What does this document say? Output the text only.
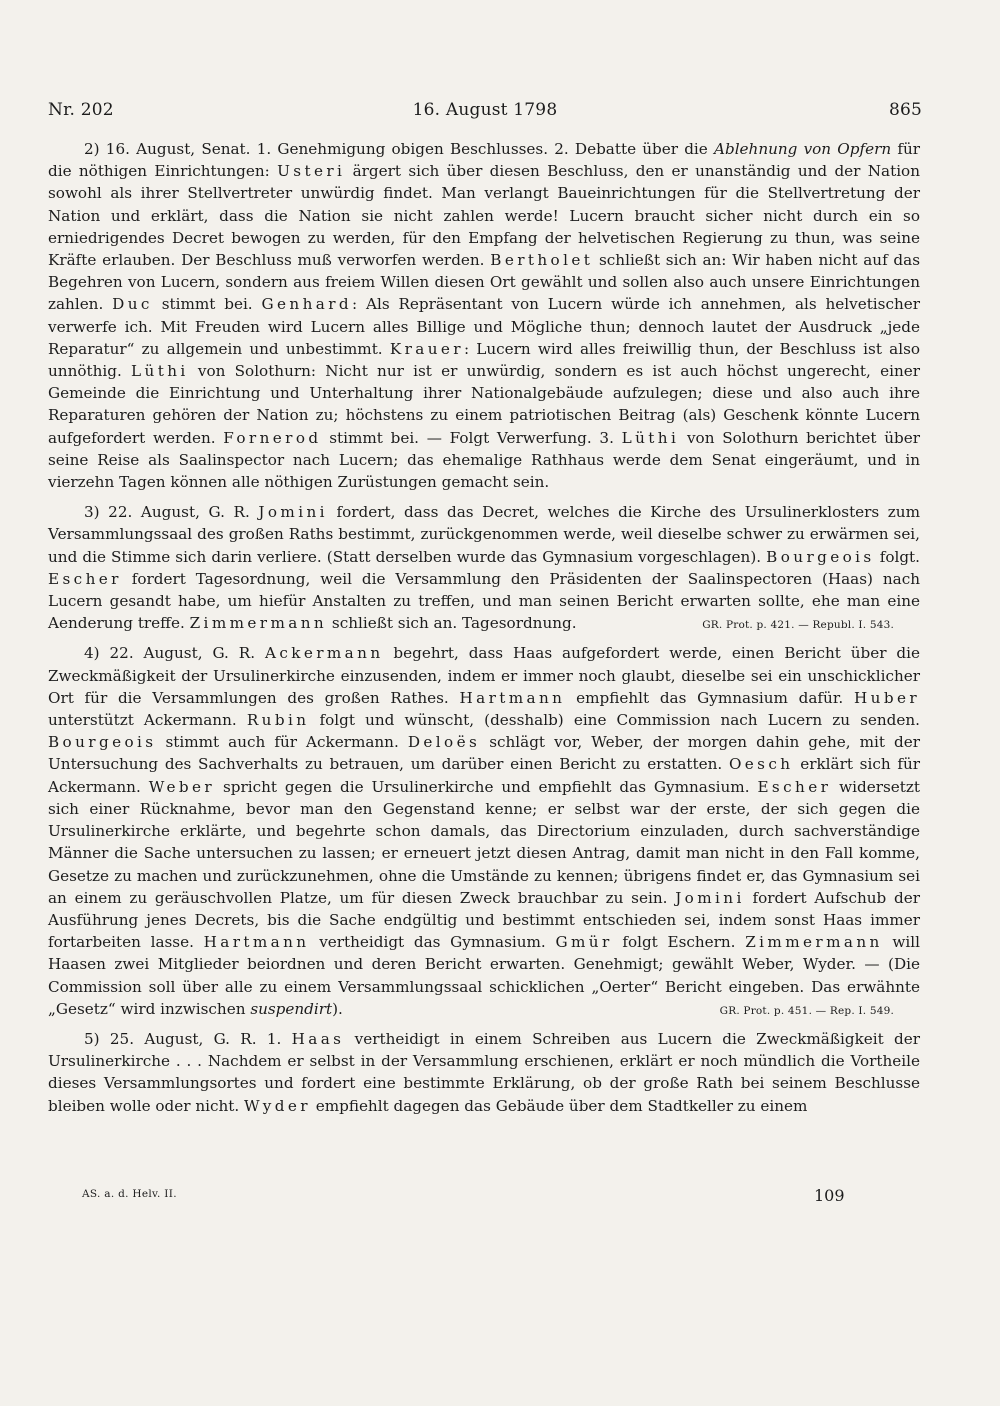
Nr. 202	16. August 1798	865

2) 16. August, Senat. 1. Genehmigung obigen Beschlusses. 2. Debatte über die Ablehnung von Opfern für die nöthigen Einrichtungen: Usteri ärgert sich über diesen Beschluss, den er unanständig und der Nation sowohl als ihrer Stellvertreter unwürdig findet. Man verlangt Baueinrichtungen für die Stellvertretung der Nation und erklärt, dass die Nation sie nicht zahlen werde! Lucern braucht sicher nicht durch ein so erniedrigendes Decret bewogen zu werden, für den Empfang der helvetischen Regierung zu thun, was seine Kräfte erlauben. Der Beschluss muß verworfen werden. Bertholet schließt sich an: Wir haben nicht auf das Begehren von Lucern, sondern aus freiem Willen diesen Ort gewählt und sollen also auch unsere Einrichtungen zahlen. Duc stimmt bei. Genhard: Als Repräsentant von Lucern würde ich annehmen, als helvetischer verwerfe ich. Mit Freuden wird Lucern alles Billige und Mögliche thun; dennoch lautet der Ausdruck „jede Reparatur“ zu allgemein und unbestimmt. Krauer: Lucern wird alles freiwillig thun, der Beschluss ist also unnöthig. Lüthi von Solothurn: Nicht nur ist er unwürdig, sondern es ist auch höchst ungerecht, einer Gemeinde die Einrichtung und Unterhaltung ihrer Nationalgebäude aufzulegen; diese und also auch ihre Reparaturen gehören der Nation zu; höchstens zu einem patriotischen Beitrag (als) Geschenk könnte Lucern aufgefordert werden. Fornerod stimmt bei. — Folgt Verwerfung. 3. Lüthi von Solothurn berichtet über seine Reise als Saalinspector nach Lucern; das ehemalige Rathhaus werde dem Senat eingeräumt, und in vierzehn Tagen können alle nöthigen Zurüstungen gemacht sein.

3) 22. August, G. R. Jomini fordert, dass das Decret, welches die Kirche des Ursulinerklosters zum Versammlungssaal des großen Raths bestimmt, zurückgenommen werde, weil dieselbe schwer zu erwärmen sei, und die Stimme sich darin verliere. (Statt derselben wurde das Gymnasium vorgeschlagen). Bourgeois folgt. Escher fordert Tagesordnung, weil die Versammlung den Präsidenten der Saalinspectoren (Haas) nach Lucern gesandt habe, um hiefür Anstalten zu treffen, und man seinen Bericht erwarten sollte, ehe man eine Aenderung treffe. Zimmermann schließt sich an. Tagesordnung.	GR. Prot. p. 421. — Republ. I. 543.

4) 22. August, G. R. Ackermann begehrt, dass Haas aufgefordert werde, einen Bericht über die Zweckmäßigkeit der Ursulinerkirche einzusenden, indem er immer noch glaubt, dieselbe sei ein unschicklicher Ort für die Versammlungen des großen Rathes. Hartmann empfiehlt das Gymnasium dafür. Huber unterstützt Ackermann. Rubin folgt und wünscht, (desshalb) eine Commission nach Lucern zu senden. Bourgeois stimmt auch für Ackermann. Deloës schlägt vor, Weber, der morgen dahin gehe, mit der Untersuchung des Sachverhalts zu betrauen, um darüber einen Bericht zu erstatten. Oesch erklärt sich für Ackermann. Weber spricht gegen die Ursulinerkirche und empfiehlt das Gymnasium. Escher widersetzt sich einer Rücknahme, bevor man den Gegenstand kenne; er selbst war der erste, der sich gegen die Ursulinerkirche erklärte, und begehrte schon damals, das Directorium einzuladen, durch sachverständige Männer die Sache untersuchen zu lassen; er erneuert jetzt diesen Antrag, damit man nicht in den Fall komme, Gesetze zu machen und zurückzunehmen, ohne die Umstände zu kennen; übrigens findet er, das Gymnasium sei an einem zu geräuschvollen Platze, um für diesen Zweck brauchbar zu sein. Jomini fordert Aufschub der Ausführung jenes Decrets, bis die Sache endgültig und bestimmt entschieden sei, indem sonst Haas immer fortarbeiten lasse. Hartmann vertheidigt das Gymnasium. Gmür folgt Eschern. Zimmermann will Haasen zwei Mitglieder beiordnen und deren Bericht erwarten. Genehmigt; gewählt Weber, Wyder. — (Die Commission soll über alle zu einem Versammlungssaal schicklichen „Oerter“ Bericht eingeben. Das erwähnte „Gesetz“ wird inzwischen suspendirt).	GR. Prot. p. 451. — Rep. I. 549.

5) 25. August, G. R. 1. Haas vertheidigt in einem Schreiben aus Lucern die Zweckmäßigkeit der Ursulinerkirche . . . Nachdem er selbst in der Versammlung erschienen, erklärt er noch mündlich die Vortheile dieses Versammlungsortes und fordert eine bestimmte Erklärung, ob der große Rath bei seinem Beschlusse bleiben wolle oder nicht. Wyder empfiehlt dagegen das Gebäude über dem Stadtkeller zu einem

AS. a. d. Helv. II.	109
